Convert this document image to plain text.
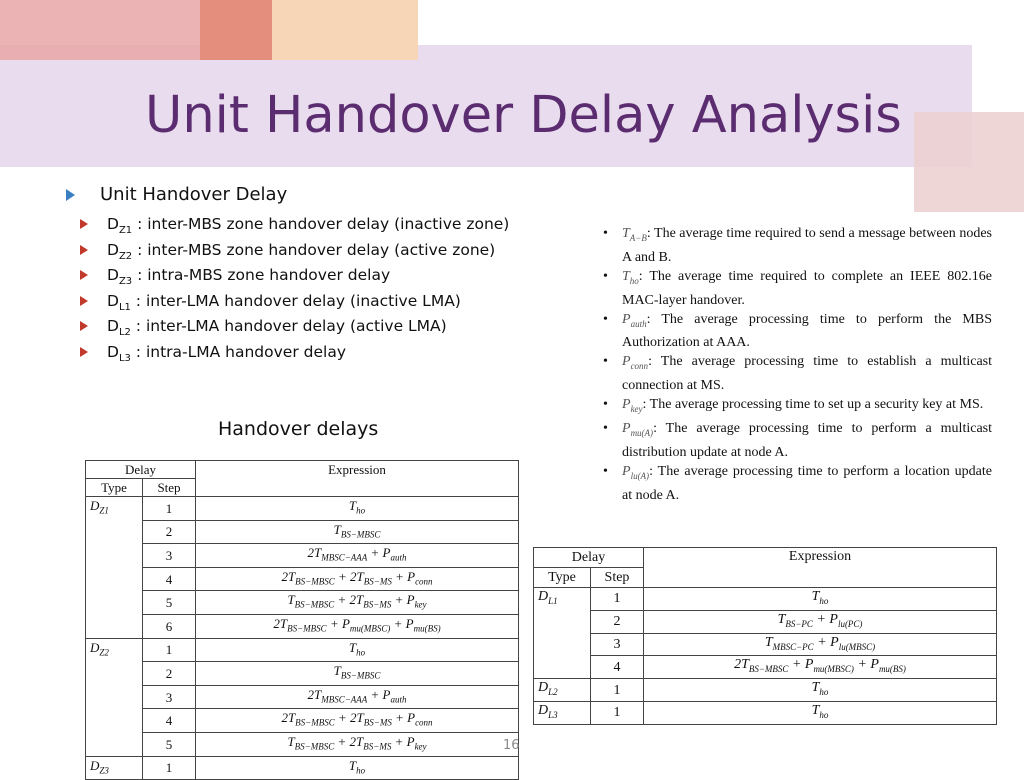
Unit Handover Delay Analysis
Unit Handover Delay
$D_{Z1}$ : inter-MBS zone handover delay (inactive zone)
$D_{Z2}$ : inter-MBS zone handover delay (active zone)
$D_{Z3}$ : intra-MBS zone handover delay
$D_{L1}$ : inter-LMA handover delay (inactive LMA)
$D_{L2}$ : inter-LMA handover delay (active LMA)
$D_{L3}$ : intra-LMA handover delay
Handover delays
• $T_{A-B}$: The average time required to send a message between nodes A and B.
• $T_{ho}$: The average time required to complete an IEEE 802.16e MAC-layer handover.
• $P_{auth}$: The average processing time to perform the MBS Authorization at AAA.
• $P_{conn}$: The average processing time to establish a multicast connection at MS.
• $P_{key}$: The average processing time to set up a security key at MS.
• $P_{mu(A)}$: The average processing time to perform a multicast distribution update at node A.
• $P_{lu(A)}$: The average processing time to perform a location update at node A.
Delay		Expression
Type	Step	
$D_{Z1}$	1	$T_{ho}$
	2	$T_{BS-MBSC}$
	3	$2T_{MBSC-AAA} + P_{auth}$
	4	$2T_{BS-MBSC} + 2T_{BS-MS} + P_{conn}$
	5	$T_{BS-MBSC} + 2T_{BS-MS} + P_{key}$
	6	$2T_{BS-MBSC} + P_{mu(MBSC)} + P_{mu(BS)}$
$D_{Z2}$	1	$T_{ho}$
	2	$T_{BS-MBSC}$
	3	$2T_{MBSC-AAA} + P_{auth}$
	4	$2T_{BS-MBSC} + 2T_{BS-MS} + P_{conn}$
	5	$T_{BS-MBSC} + 2T_{BS-MS} + P_{key}$
$D_{Z3}$	1	$T_{ho}$
Delay		Expression
Type	Step	
$D_{L1}$	1	$T_{ho}$
	2	$T_{BS-PC} + P_{lu(PC)}$
	3	$T_{MBSC-PC} + P_{lu(MBSC)}$
	4	$2T_{BS-MBSC} + P_{mu(MBSC)} + P_{mu(BS)}$
$D_{L2}$	1	$T_{ho}$
$D_{L3}$	1	$T_{ho}$
16
